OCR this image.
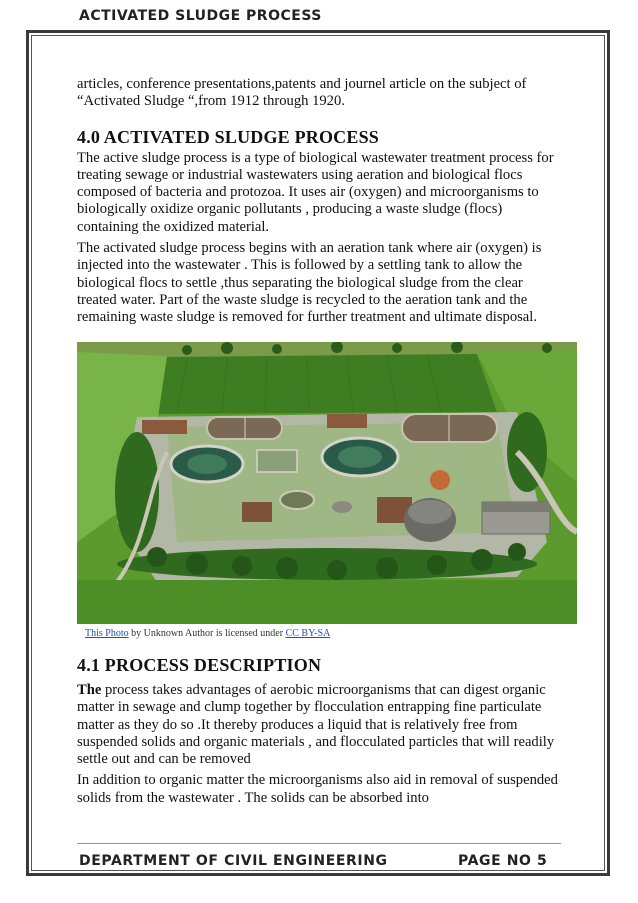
ACTIVATED SLUDGE PROCESS

articles, conference presentations,patents and journel article on the subject of “Activated Sludge “,from 1912 through 1920.

4.0 ACTIVATED SLUDGE PROCESS

The active sludge process is a type of biological wastewater treatment process for treating sewage or industrial wastewaters using aeration and biological flocs composed of bacteria and protozoa. It uses air (oxygen) and microorganisms to biologically oxidize organic pollutants , producing a waste sludge (flocs) containing the oxidized material.

The activated sludge process begins with an aeration tank where air (oxygen) is injected into the wastewater . This is followed by a settling tank to allow the biological flocs to settle ,thus separating the biological sludge from the clear treated water. Part of the waste sludge is recycled to the aeration tank and the remaining waste sludge is removed for further treatment and ultimate disposal.

This Photo by Unknown Author is licensed under CC BY-SA
4.1 PROCESS DESCRIPTION

The process takes advantages of aerobic microorganisms that can digest organic matter in sewage and clump together by flocculation entrapping fine particulate matter as they do so .It thereby produces a liquid that is relatively free from suspended solids and organic materials , and flocculated particles that will readily settle out and can be removed

In addition to organic matter the microorganisms also aid in removal of suspended solids from the wastewater . The solids can be absorbed into

DEPARTMENT OF CIVIL ENGINEERING	PAGE NO 5
